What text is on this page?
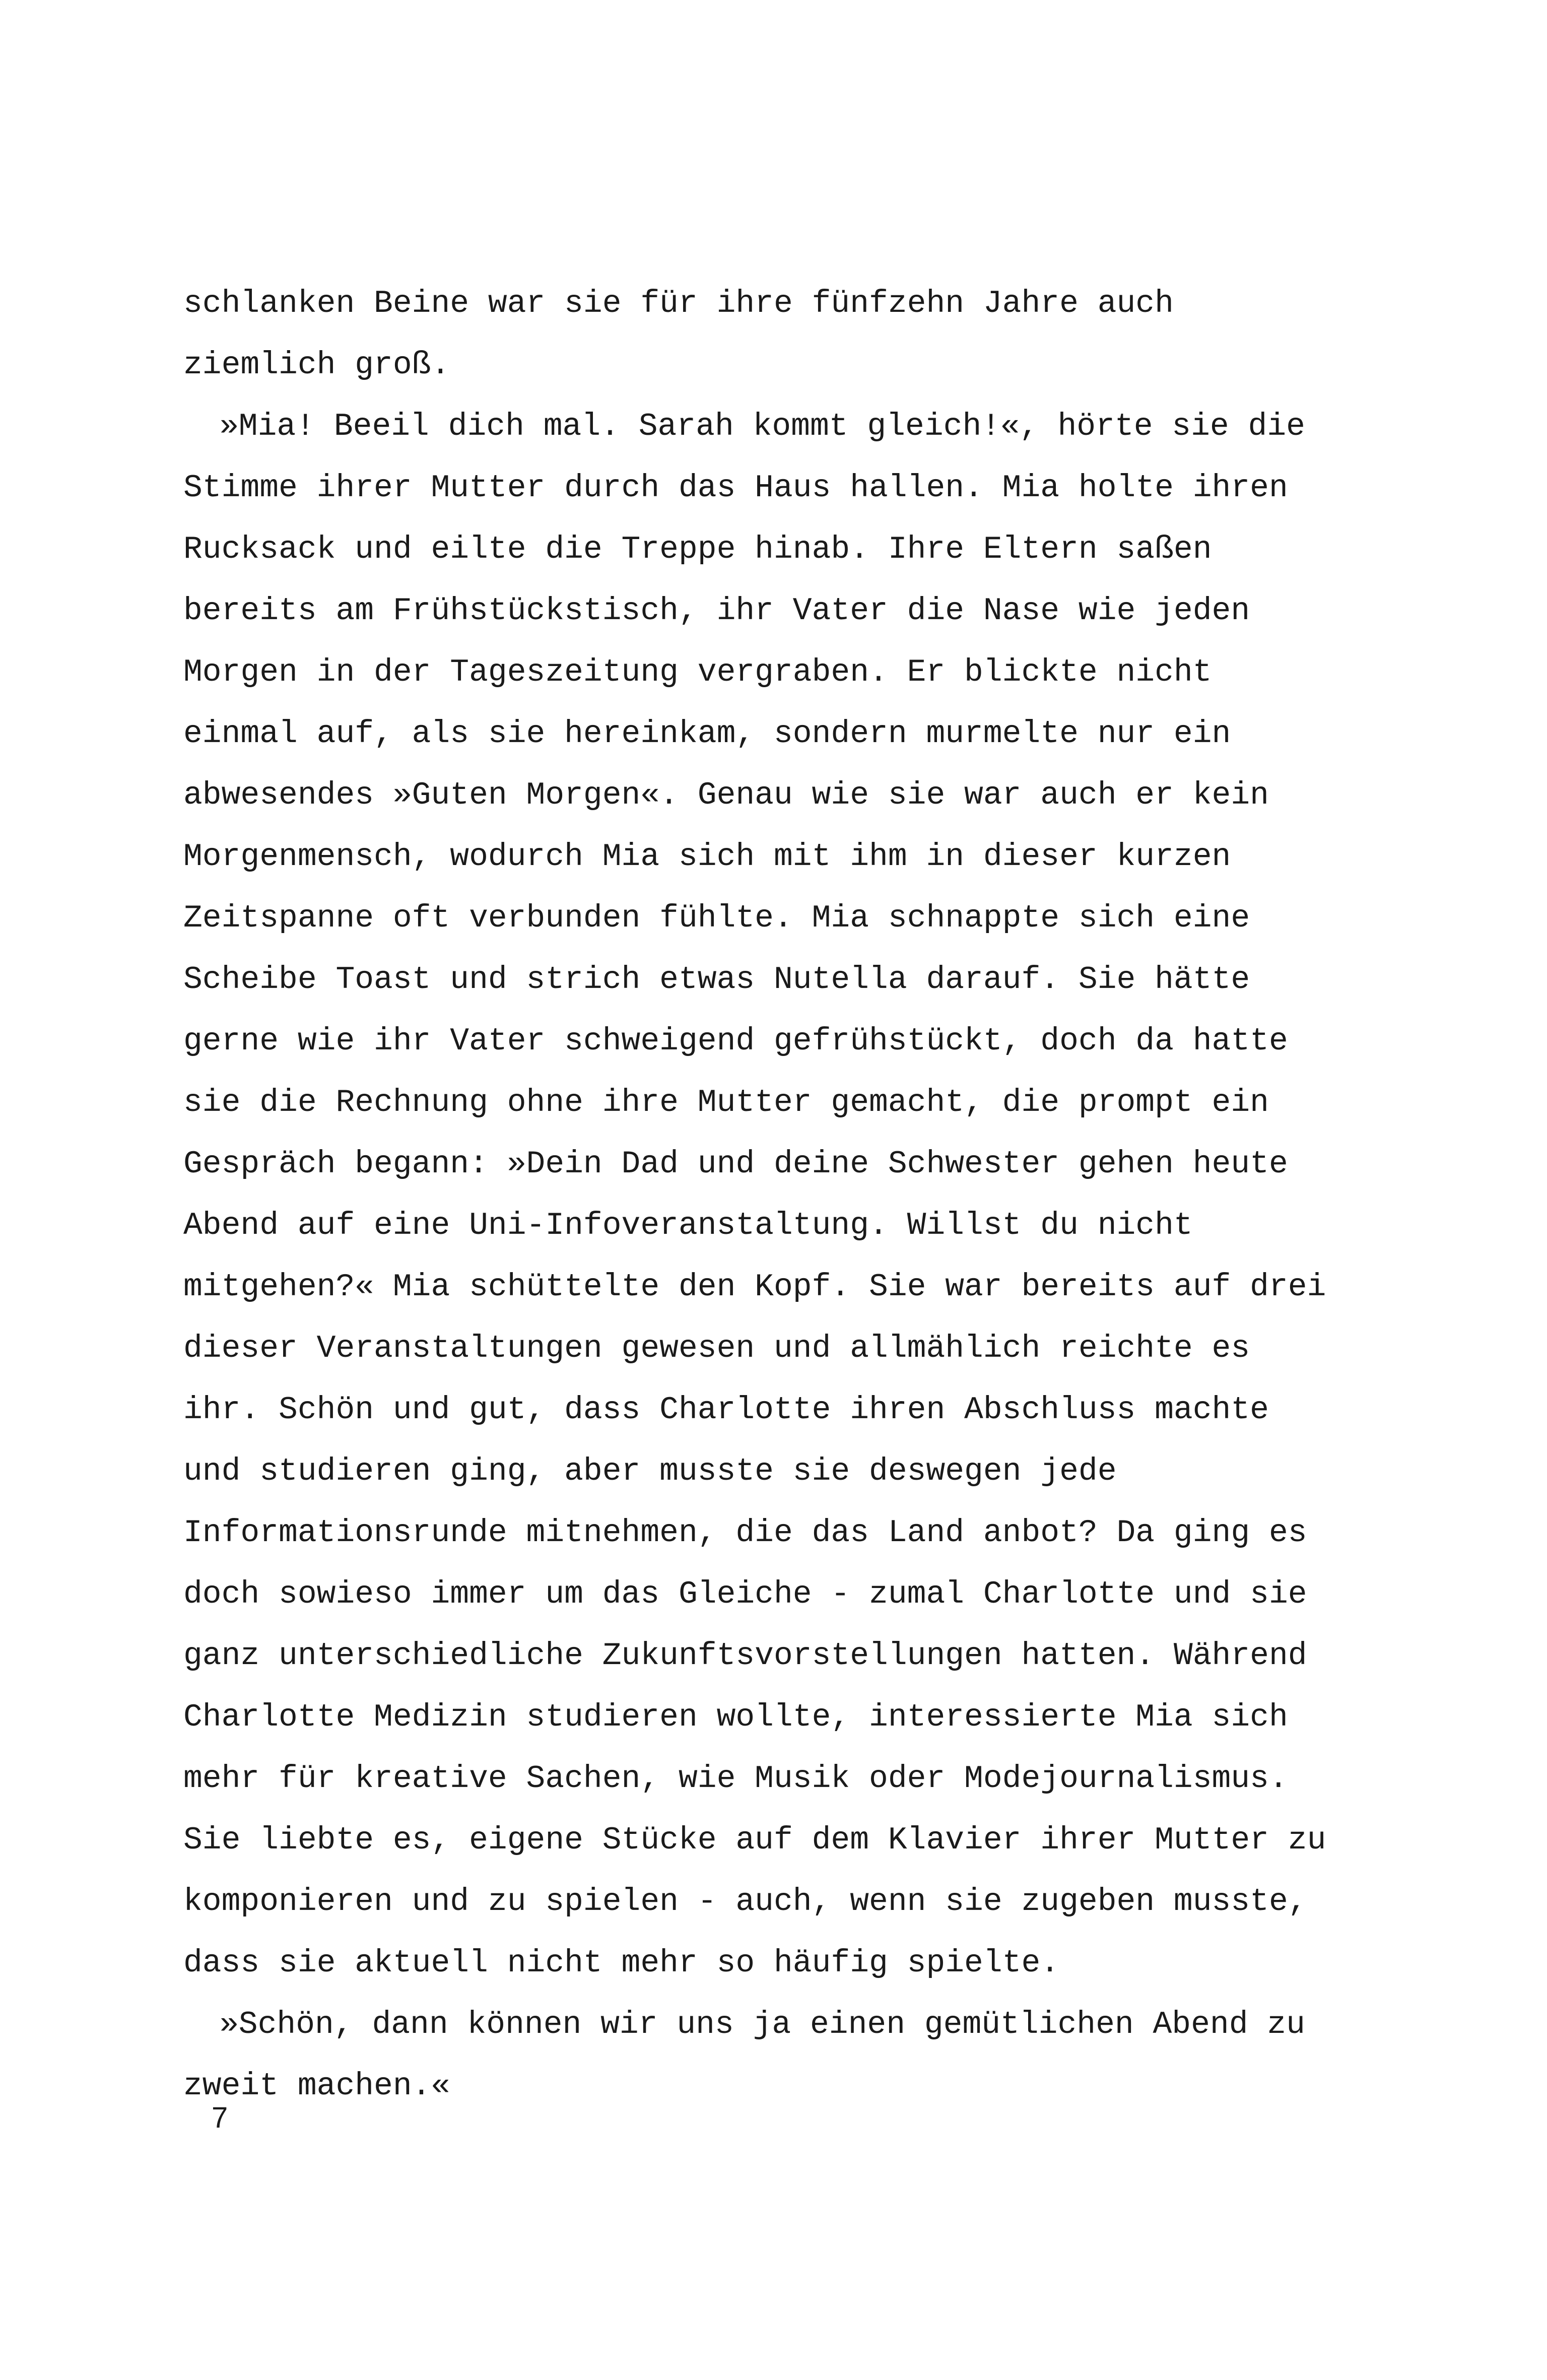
schlanken Beine war sie für ihre fünfzehn Jahre auch
ziemlich groß.
»Mia! Beeil dich mal. Sarah kommt gleich!«, hörte sie die
Stimme ihrer Mutter durch das Haus hallen. Mia holte ihren
Rucksack und eilte die Treppe hinab. Ihre Eltern saßen
bereits am Frühstückstisch, ihr Vater die Nase wie jeden
Morgen in der Tageszeitung vergraben. Er blickte nicht
einmal auf, als sie hereinkam, sondern murmelte nur ein
abwesendes »Guten Morgen«. Genau wie sie war auch er kein
Morgenmensch, wodurch Mia sich mit ihm in dieser kurzen
Zeitspanne oft verbunden fühlte. Mia schnappte sich eine
Scheibe Toast und strich etwas Nutella darauf. Sie hätte
gerne wie ihr Vater schweigend gefrühstückt, doch da hatte
sie die Rechnung ohne ihre Mutter gemacht, die prompt ein
Gespräch begann: »Dein Dad und deine Schwester gehen heute
Abend auf eine Uni-Infoveranstaltung. Willst du nicht
mitgehen?« Mia schüttelte den Kopf. Sie war bereits auf drei
dieser Veranstaltungen gewesen und allmählich reichte es
ihr. Schön und gut, dass Charlotte ihren Abschluss machte
und studieren ging, aber musste sie deswegen jede
Informationsrunde mitnehmen, die das Land anbot? Da ging es
doch sowieso immer um das Gleiche - zumal Charlotte und sie
ganz unterschiedliche Zukunftsvorstellungen hatten. Während
Charlotte Medizin studieren wollte, interessierte Mia sich
mehr für kreative Sachen, wie Musik oder Modejournalismus.
Sie liebte es, eigene Stücke auf dem Klavier ihrer Mutter zu
komponieren und zu spielen - auch, wenn sie zugeben musste,
dass sie aktuell nicht mehr so häufig spielte.
»Schön, dann können wir uns ja einen gemütlichen Abend zu
zweit machen.«
7
